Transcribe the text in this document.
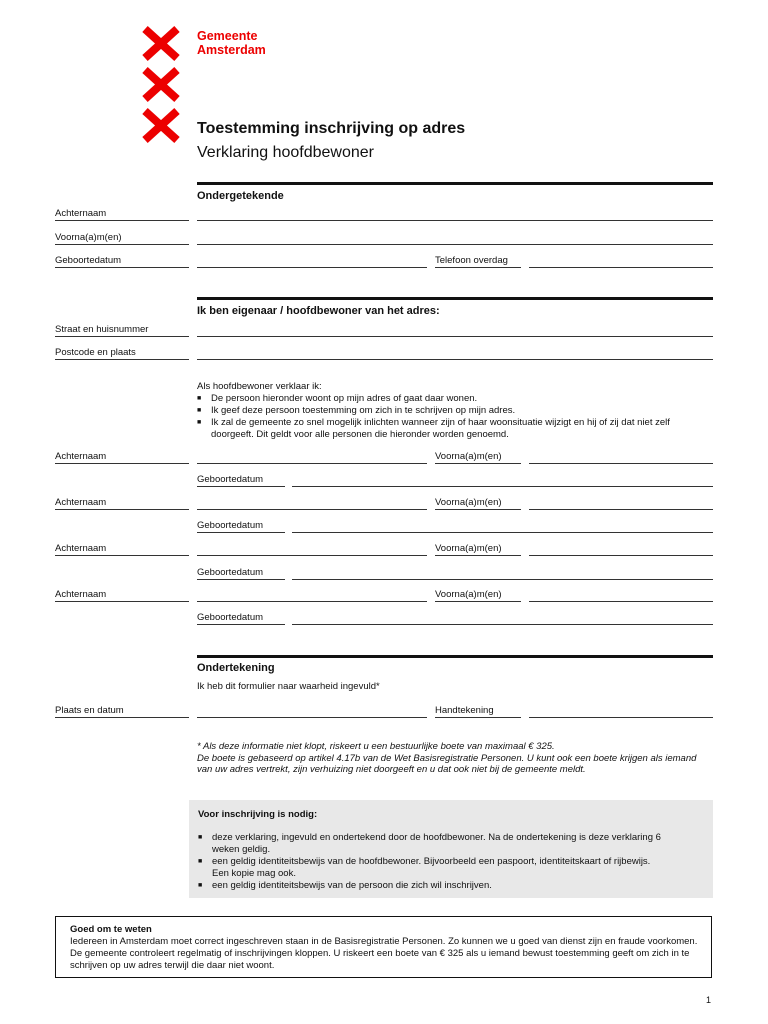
Gemeente
Amsterdam
Toestemming inschrijving op adres
Verklaring hoofdbewoner
Ondergetekende
Achternaam
Voorna(a)m(en)
Geboortedatum	Telefoon overdag
Ik ben eigenaar / hoofdbewoner van het adres:
Straat en huisnummer
Postcode en plaats
Als hoofdbewoner verklaar ik:
■ De persoon hieronder woont op mijn adres of gaat daar wonen.
■ Ik geef deze persoon toestemming om zich in te schrijven op mijn adres.
■ Ik zal de gemeente zo snel mogelijk inlichten wanneer zijn of haar woonsituatie wijzigt en hij of zij dat niet zelf doorgeeft. Dit geldt voor alle personen die hieronder worden genoemd.
Achternaam	Voorna(a)m(en)
Geboortedatum
Achternaam	Voorna(a)m(en)
Geboortedatum
Achternaam	Voorna(a)m(en)
Geboortedatum
Achternaam	Voorna(a)m(en)
Geboortedatum
Ondertekening
Ik heb dit formulier naar waarheid ingevuld*
Plaats en datum	Handtekening
* Als deze informatie niet klopt, riskeert u een bestuurlijke boete van maximaal € 325.
De boete is gebaseerd op artikel 4.17b van de Wet Basisregistratie Personen. U kunt ook een boete krijgen als iemand van uw adres vertrekt, zijn verhuizing niet doorgeeft en u dat ook niet bij de gemeente meldt.
Voor inschrijving is nodig:
■ deze verklaring, ingevuld en ondertekend door de hoofdbewoner. Na de ondertekening is deze verklaring 6 weken geldig.
■ een geldig identiteitsbewijs van de hoofdbewoner. Bijvoorbeeld een paspoort, identiteitskaart of rijbewijs. Een kopie mag ook.
■ een geldig identiteitsbewijs van de persoon die zich wil inschrijven.
Goed om te weten
Iedereen in Amsterdam moet correct ingeschreven staan in de Basisregistratie Personen. Zo kunnen we u goed van dienst zijn en fraude voorkomen. De gemeente controleert regelmatig of inschrijvingen kloppen. U riskeert een boete van € 325 als u iemand bewust toestemming geeft om zich in te schrijven op uw adres terwijl die daar niet woont.
1
